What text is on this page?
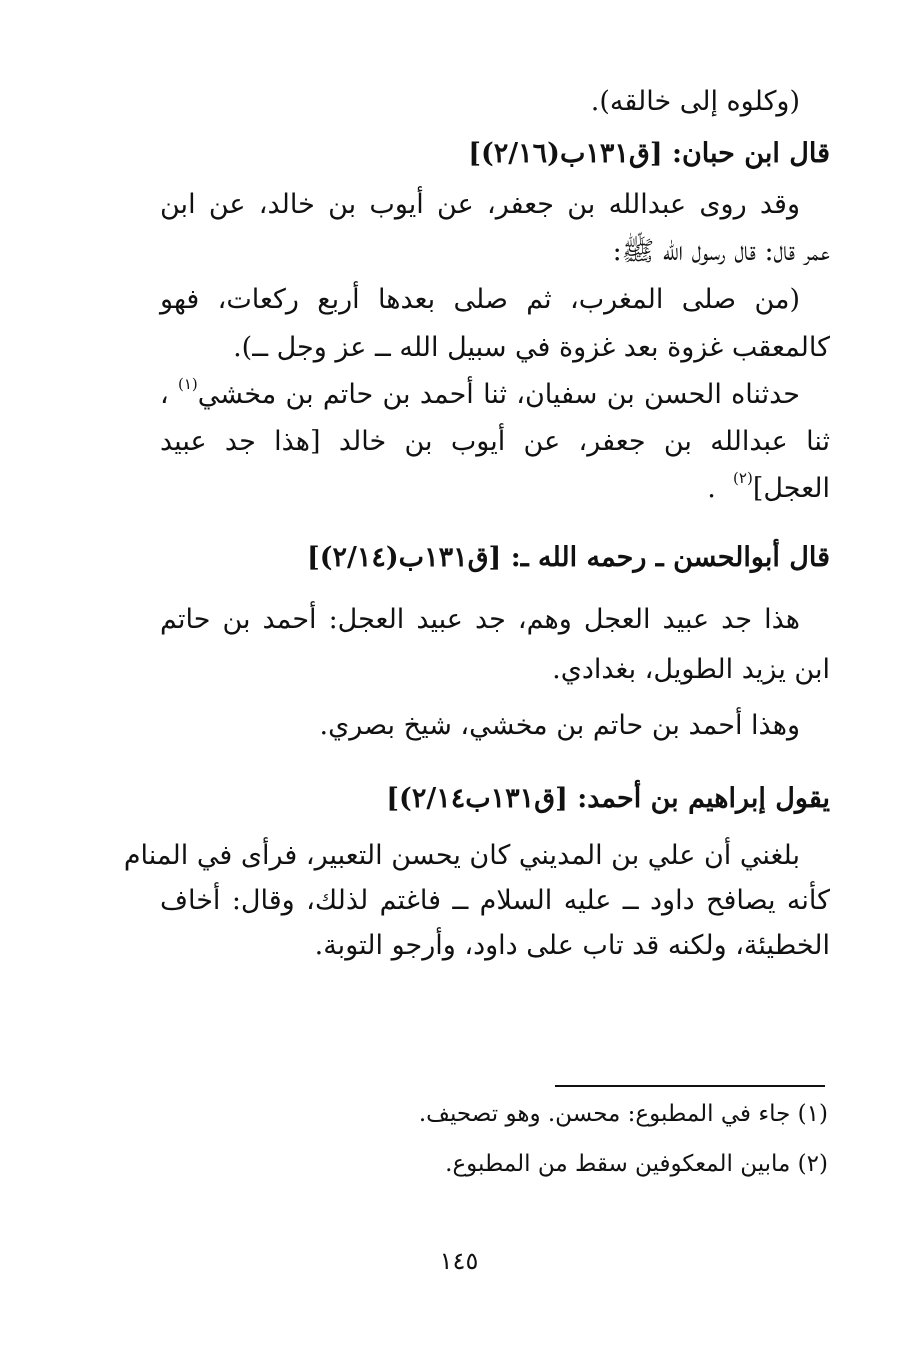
(وكلوه إلى خالقه).
قال ابن حبان: [ق١٣١ب(٢/١٦)]
وقد روى عبدالله بن جعفر، عن أيوب بن خالد، عن ابن
عمر قال: قال رسول الله ﷺ:
(من صلى المغرب، ثم صلى بعدها أربع ركعات، فهو
كالمعقب غزوة بعد غزوة في سبيل الله ــ عز وجل ــ).
حدثناه الحسن بن سفيان، ثنا أحمد بن حاتم بن مخشي$^{(١)}$ ،
ثنا عبدالله بن جعفر، عن أيوب بن خالد [هذا جد عبيد
العجل]$^{(٢)}$  .
قال أبوالحسن ـ رحمه الله ـ: [ق١٣١ب(٢/١٤)]
هذا جد عبيد العجل وهم، جد عبيد العجل: أحمد بن حاتم
ابن يزيد الطويل، بغدادي.
وهذا أحمد بن حاتم بن مخشي، شيخ بصري.
يقول إبراهيم بن أحمد: [ق١٣١ب٢/١٤)]
بلغني أن علي بن المديني كان يحسن التعبير، فرأى في المنام
كأنه يصافح داود ــ عليه السلام ــ فاغتم لذلك، وقال: أخاف
الخطيئة، ولكنه قد تاب على داود، وأرجو التوبة.
(١) جاء في المطبوع: محسن. وهو تصحيف.
(٢) مابين المعكوفين سقط من المطبوع.
١٤٥
